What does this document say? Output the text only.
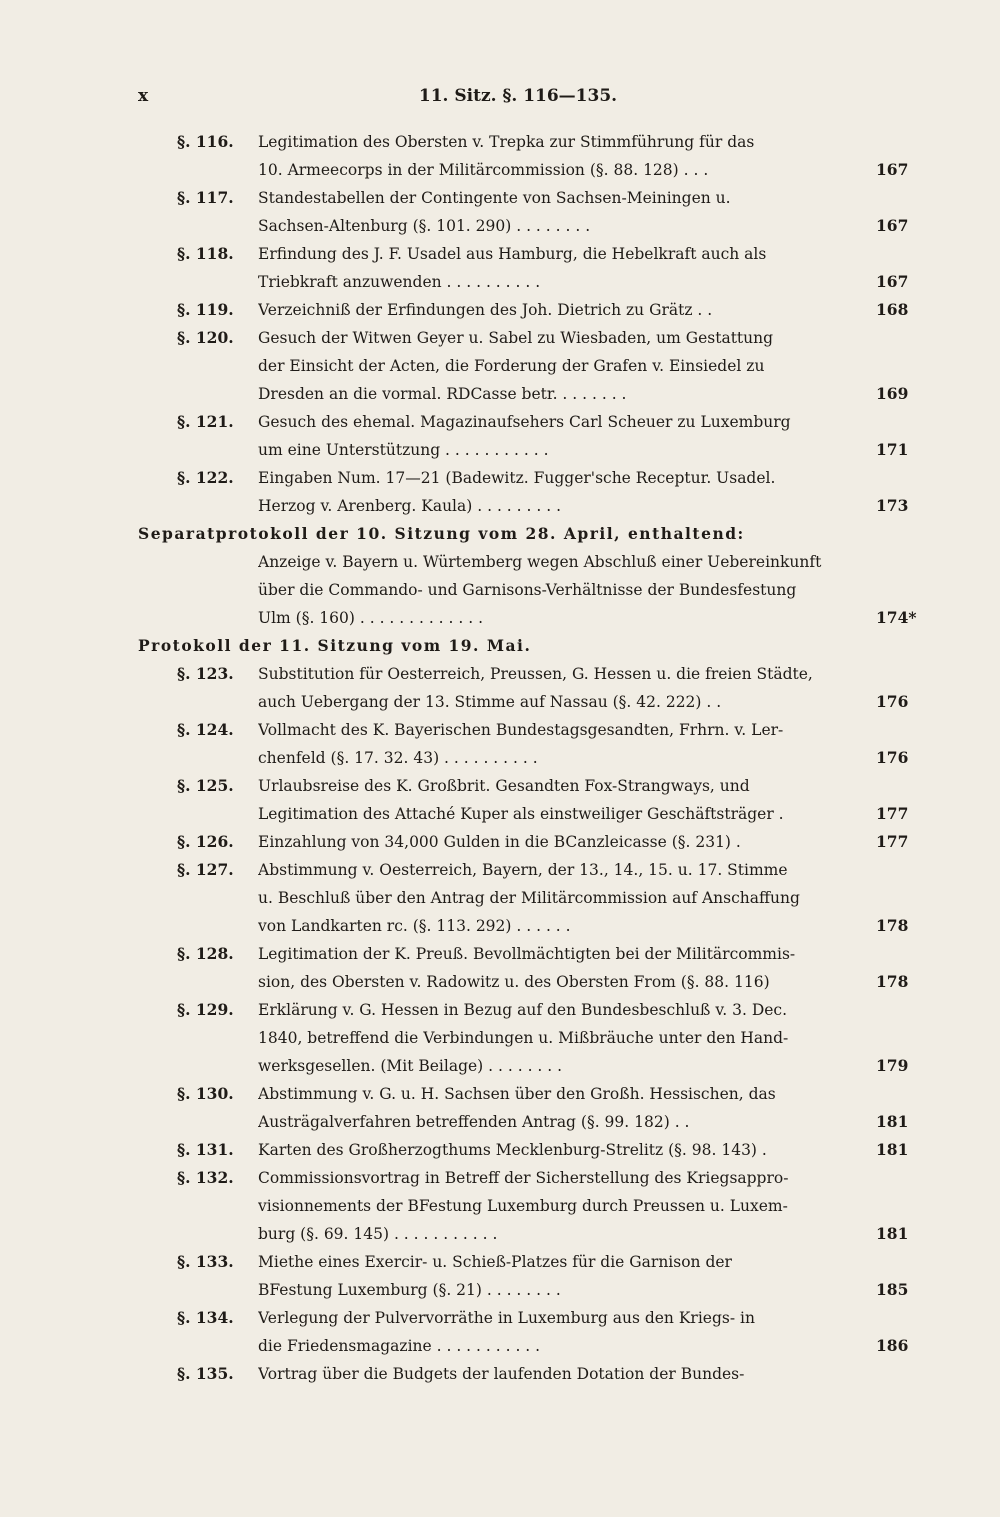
x	11. Sitz. §. 116—135.
§. 116. Legitimation des Obersten v. Trepka zur Stimmführung für das
10. Armeecorps in der Militärcommission (§. 88. 128) . . .	167
§. 117. Standestabellen der Contingente von Sachsen-Meiningen u.
Sachsen-Altenburg (§. 101. 290) . . . . . . . .	167
§. 118. Erfindung des J. F. Usadel aus Hamburg, die Hebelkraft auch als
Triebkraft anzuwenden . . . . . . . . . .	167
§. 119. Verzeichniß der Erfindungen des Joh. Dietrich zu Grätz . .	168
§. 120. Gesuch der Witwen Geyer u. Sabel zu Wiesbaden, um Gestattung
der Einsicht der Acten, die Forderung der Grafen v. Einsiedel zu
Dresden an die vormal. RDCasse betr. . . . . . . .	169
§. 121. Gesuch des ehemal. Magazinaufsehers Carl Scheuer zu Luxemburg
um eine Unterstützung . . . . . . . . . . .	171
§. 122. Eingaben Num. 17—21 (Badewitz. Fugger'sche Receptur. Usadel.
Herzog v. Arenberg. Kaula) . . . . . . . . .	173
Separatprotokoll der 10. Sitzung vom 28. April, enthaltend:
Anzeige v. Bayern u. Würtemberg wegen Abschluß einer Uebereinkunft
über die Commando- und Garnisons-Verhältnisse der Bundesfestung
Ulm (§. 160) . . . . . . . . . . . . .	174*
Protokoll der 11. Sitzung vom 19. Mai.
§. 123. Substitution für Oesterreich, Preussen, G. Hessen u. die freien Städte,
auch Uebergang der 13. Stimme auf Nassau (§. 42. 222) . .	176
§. 124. Vollmacht des K. Bayerischen Bundestagsgesandten, Frhrn. v. Ler-
chenfeld (§. 17. 32. 43) . . . . . . . . . .	176
§. 125. Urlaubsreise des K. Großbrit. Gesandten Fox-Strangways, und
Legitimation des Attaché Kuper als einstweiliger Geschäftsträger .	177
§. 126. Einzahlung von 34,000 Gulden in die BCanzleicasse (§. 231) .	177
§. 127. Abstimmung v. Oesterreich, Bayern, der 13., 14., 15. u. 17. Stimme
u. Beschluß über den Antrag der Militärcommission auf Anschaffung
von Landkarten rc. (§. 113. 292) . . . . . .	178
§. 128. Legitimation der K. Preuß. Bevollmächtigten bei der Militärcommis-
sion, des Obersten v. Radowitz u. des Obersten From (§. 88. 116)	178
§. 129. Erklärung v. G. Hessen in Bezug auf den Bundesbeschluß v. 3. Dec.
1840, betreffend die Verbindungen u. Mißbräuche unter den Hand-
werksgesellen. (Mit Beilage) . . . . . . . .	179
§. 130. Abstimmung v. G. u. H. Sachsen über den Großh. Hessischen, das
Austrägalverfahren betreffenden Antrag (§. 99. 182) . .	181
§. 131. Karten des Großherzogthums Mecklenburg-Strelitz (§. 98. 143) .	181
§. 132. Commissionsvortrag in Betreff der Sicherstellung des Kriegsappro-
visionnements der BFestung Luxemburg durch Preussen u. Luxem-
burg (§. 69. 145) . . . . . . . . . . .	181
§. 133. Miethe eines Exercir- u. Schieß-Platzes für die Garnison der
BFestung Luxemburg (§. 21) . . . . . . . .	185
§. 134. Verlegung der Pulvervorräthe in Luxemburg aus den Kriegs- in
die Friedensmagazine . . . . . . . . . . .	186
§. 135. Vortrag über die Budgets der laufenden Dotation der Bundes-
